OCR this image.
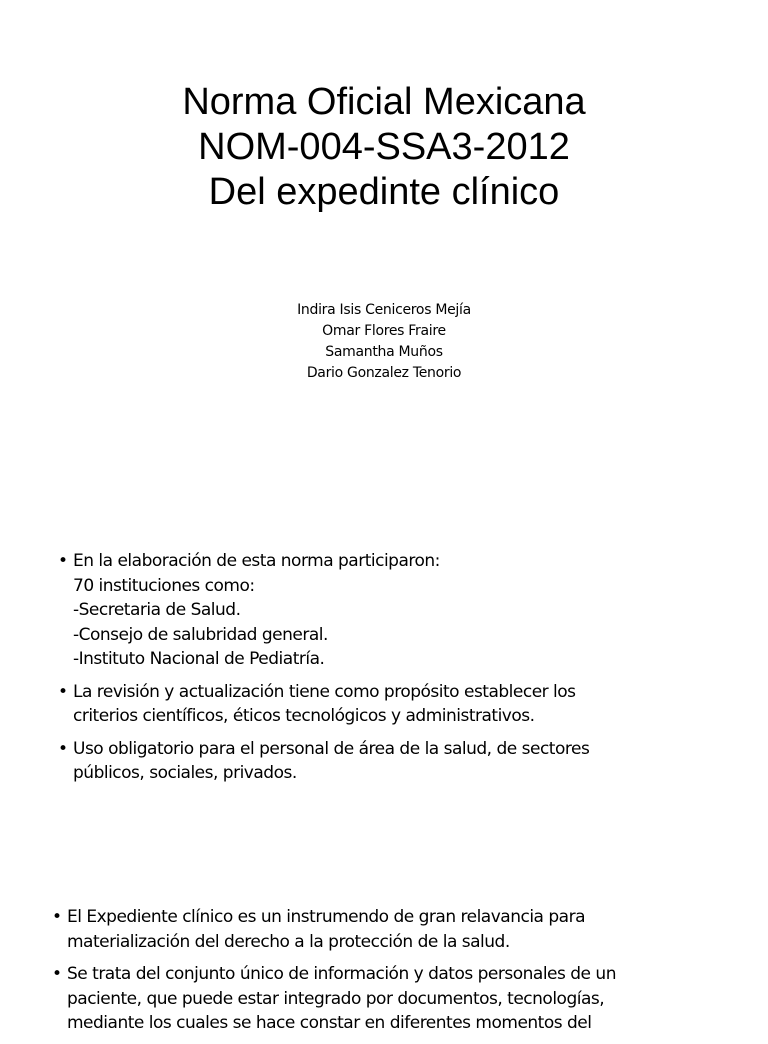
Norma Oficial Mexicana
NOM-004-SSA3-2012
Del expedinte clínico
Indira Isis Ceniceros Mejía
Omar Flores Fraire
Samantha Muños
Dario Gonzalez Tenorio
• En la elaboración de esta norma participaron:
70 instituciones como:
-Secretaria de Salud.
-Consejo de salubridad general.
-Instituto Nacional de Pediatría.
• La revisión y actualización tiene como propósito establecer los
criterios científicos, éticos tecnológicos y administrativos.
• Uso obligatorio para el personal de área de la salud, de sectores
públicos, sociales, privados.
• El Expediente clínico es un instrumendo de gran relavancia para
materialización del derecho a la protección de la salud.
• Se trata del conjunto único de información y datos personales de un
paciente, que puede estar integrado por documentos, tecnologías,
mediante los cuales se hace constar en diferentes momentos del
